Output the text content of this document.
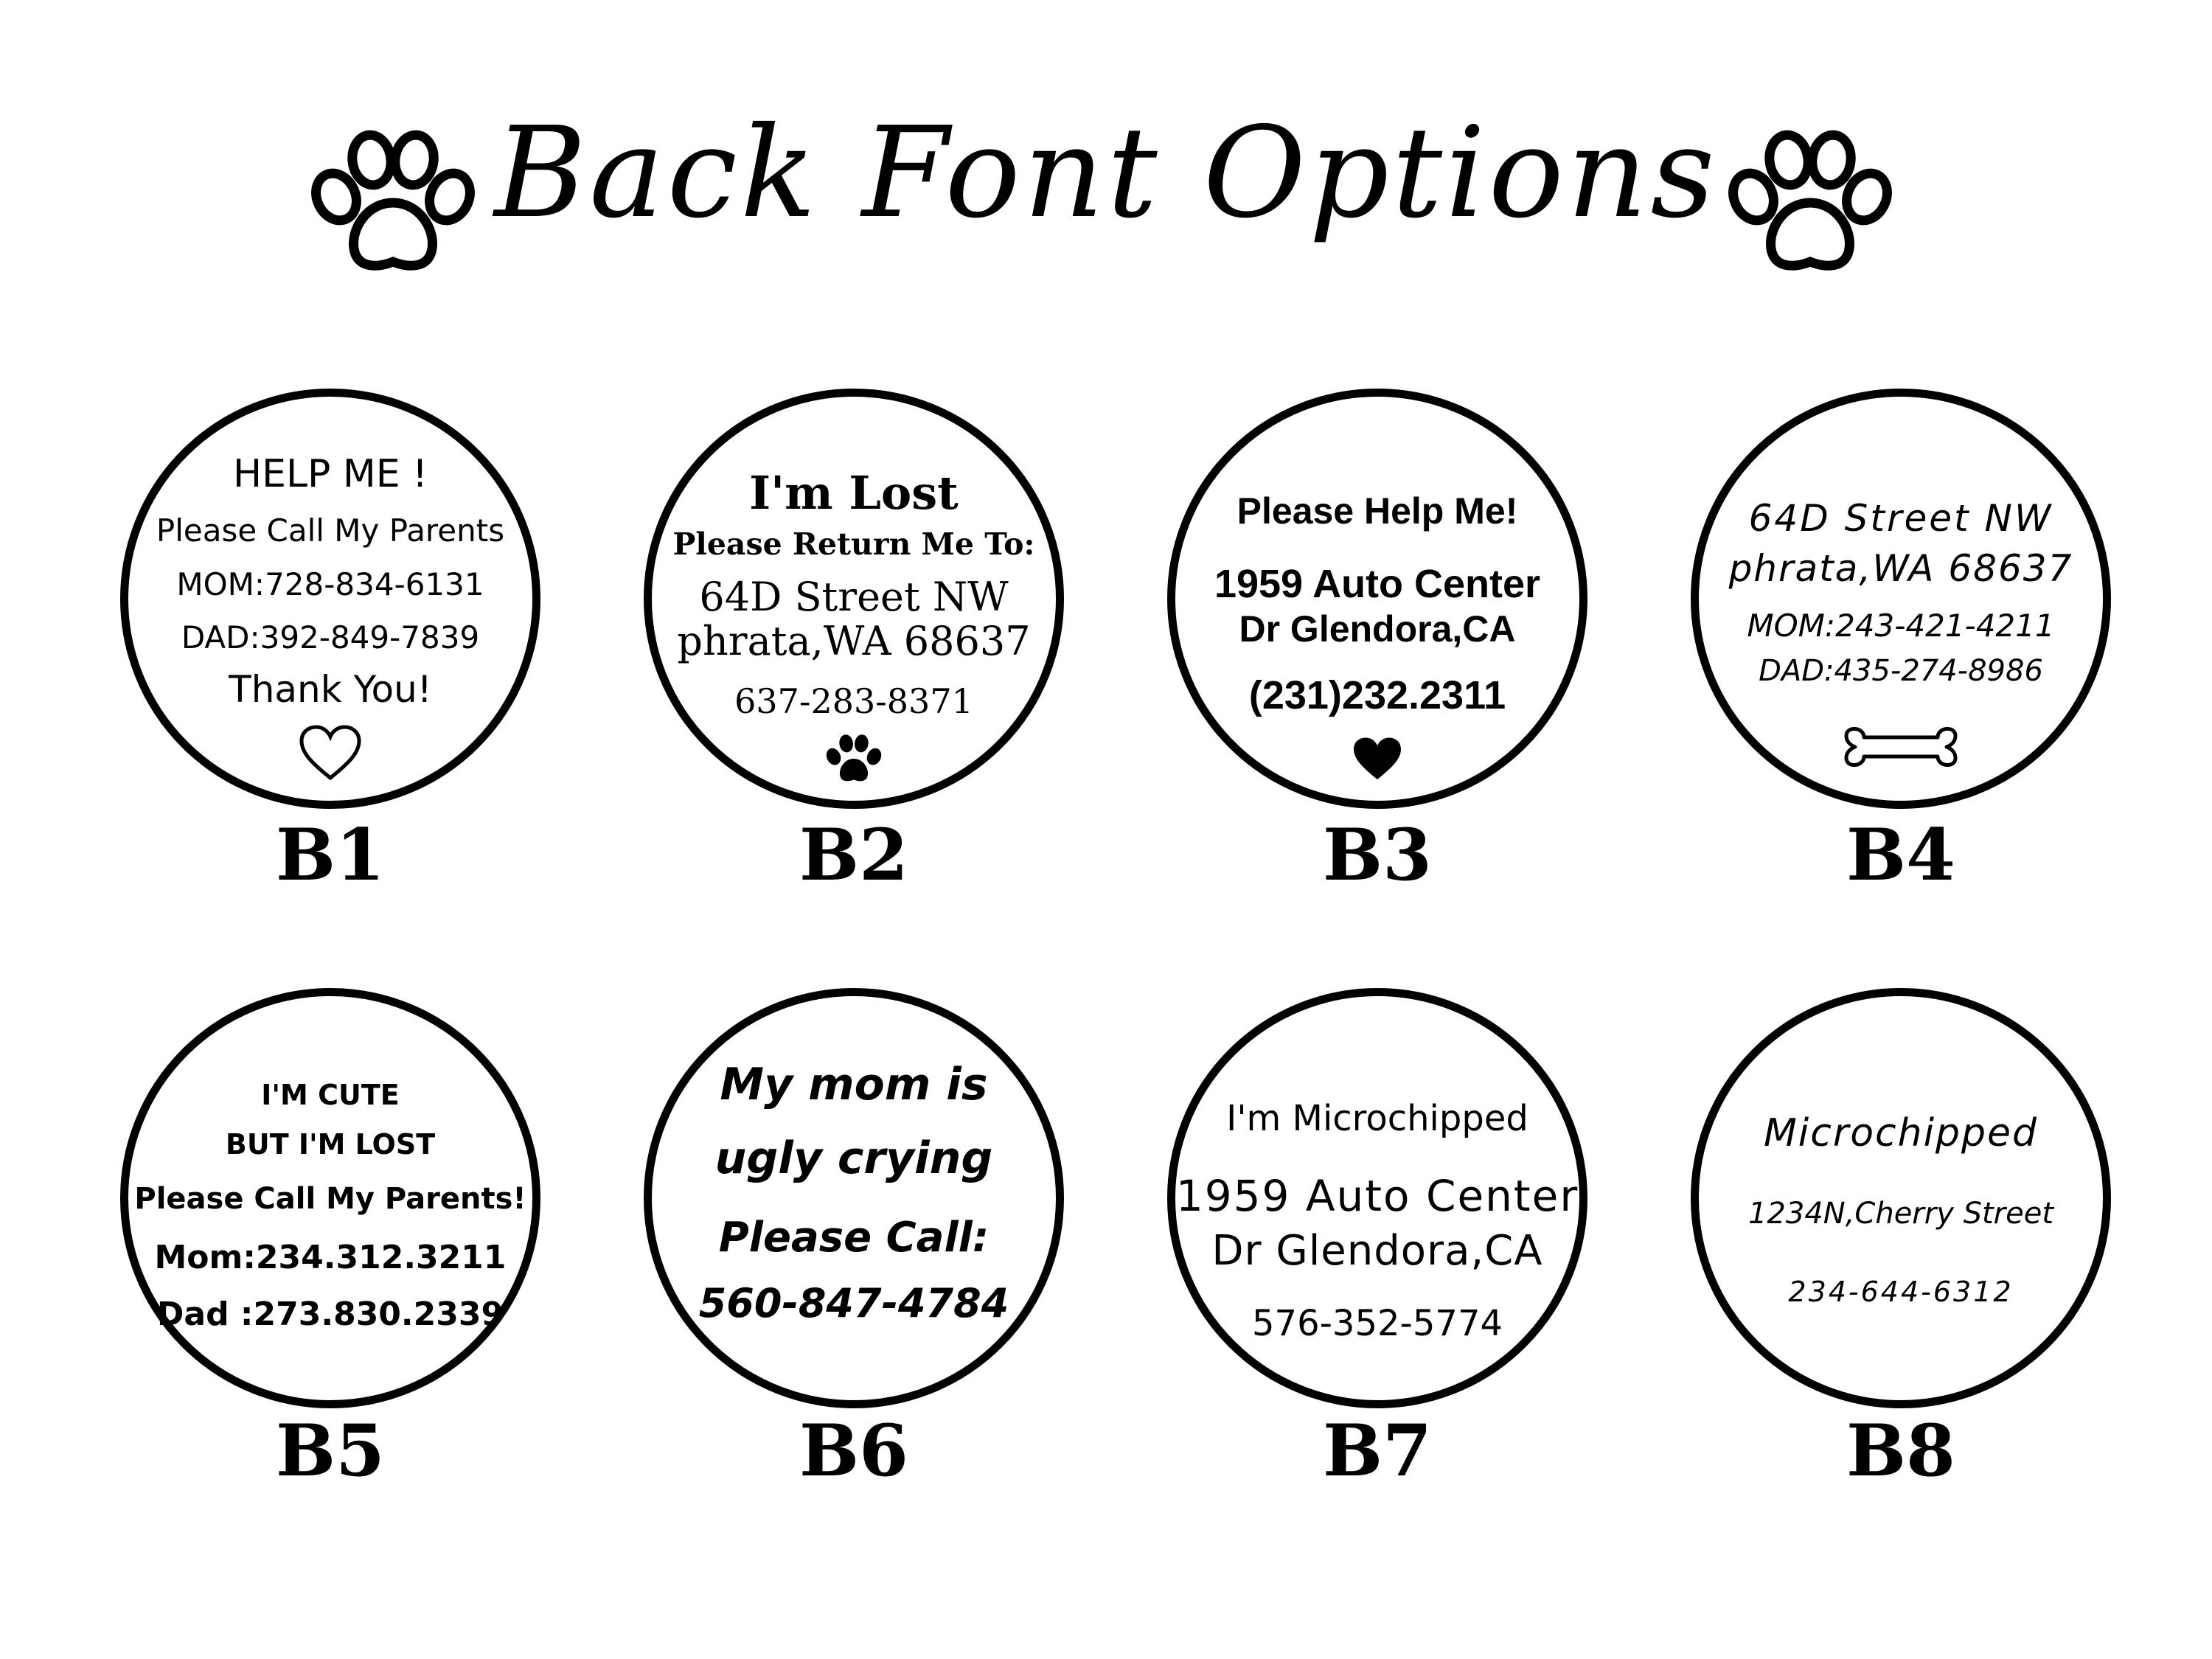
Back Font Options
HELP ME !
Please Call My Parents
MOM:728-834-6131
DAD:392-849-7839
Thank You!
B1
I'm Lost
Please Return Me To:
64D Street NW
phrata,WA 68637
637-283-8371
B2
Please Help Me!
1959 Auto Center
Dr Glendora,CA
(231)232.2311
B3
64D Street NW
phrata,WA 68637
MOM:243-421-4211
DAD:435-274-8986
B4
I'M CUTE
BUT I'M LOST
Please Call My Parents!
Mom:234.312.3211
Dad :273.830.2339
B5
My mom is
ugly crying
Please Call:
560-847-4784
B6
I'm Microchipped
1959 Auto Center
Dr Glendora,CA
576-352-5774
B7
Microchipped
1234N,Cherry Street
234-644-6312
B8
